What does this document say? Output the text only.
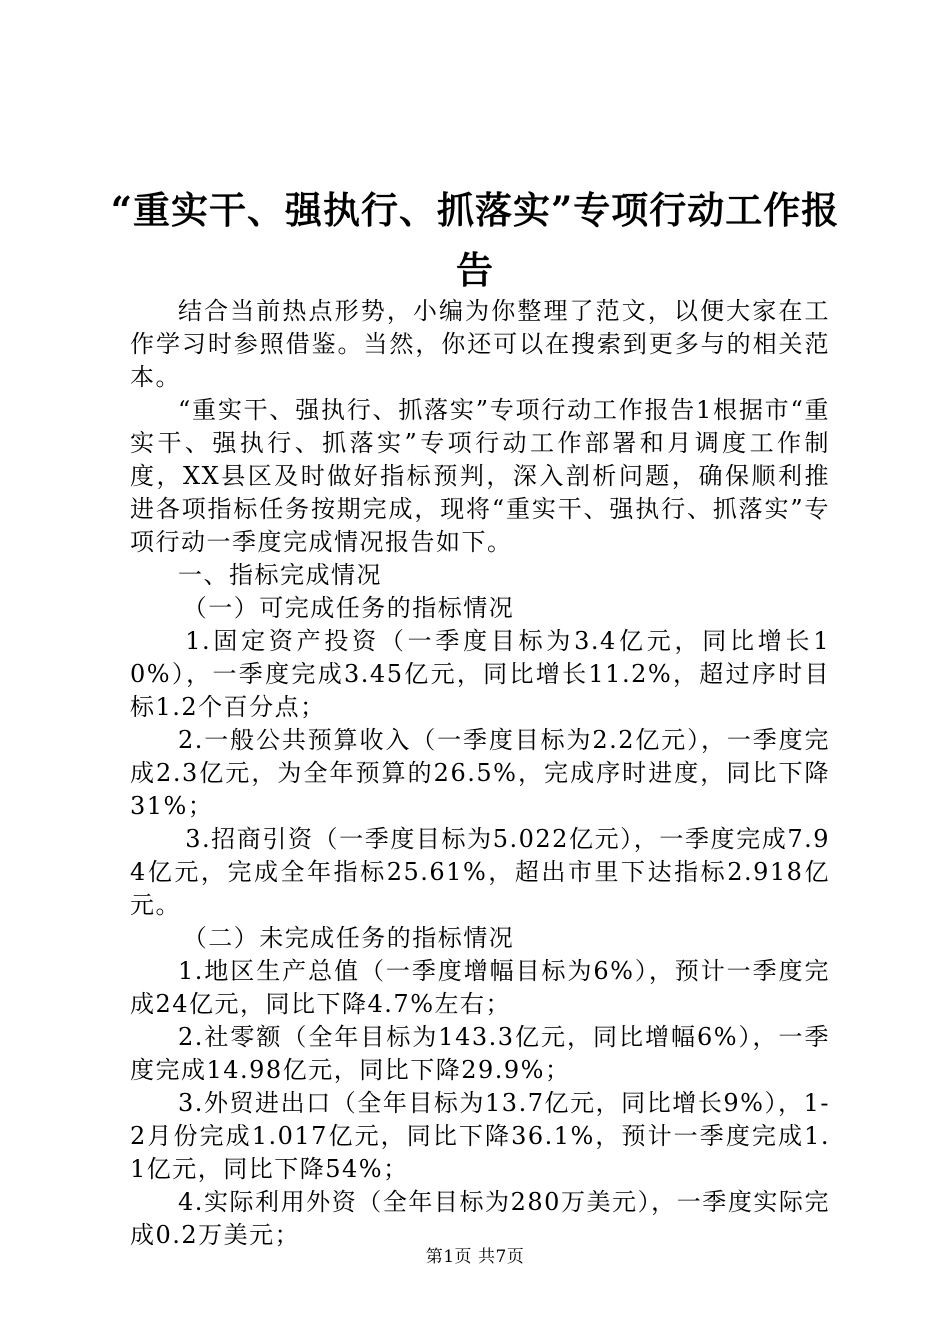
“重实干、强执行、抓落实”专项行动工作报
告

结合当前热点形势，小编为你整理了范文，以便大家在工作学习时参照借鉴。当然，你还可以在搜索到更多与的相关范本。

“重实干、强执行、抓落实”专项行动工作报告1根据市“重实干、强执行、抓落实”专项行动工作部署和月调度工作制度，XX县区及时做好指标预判，深入剖析问题，确保顺利推进各项指标任务按期完成，现将“重实干、强执行、抓落实”专项行动一季度完成情况报告如下。

一、指标完成情况

（一）可完成任务的指标情况

1.固定资产投资（一季度目标为3.4亿元，同比增长10%），一季度完成3.45亿元，同比增长11.2%，超过序时目标1.2个百分点；

2.一般公共预算收入（一季度目标为2.2亿元），一季度完成2.3亿元，为全年预算的26.5%，完成序时进度，同比下降31%；

3.招商引资（一季度目标为5.022亿元），一季度完成7.94亿元，完成全年指标25.61%，超出市里下达指标2.918亿元。

（二）未完成任务的指标情况

1.地区生产总值（一季度增幅目标为6%），预计一季度完成24亿元，同比下降4.7%左右；

2.社零额（全年目标为143.3亿元，同比增幅6%），一季度完成14.98亿元，同比下降29.9%；

3.外贸进出口（全年目标为13.7亿元，同比增长9%），1-2月份完成1.017亿元，同比下降36.1%，预计一季度完成1.1亿元，同比下降54%；

4.实际利用外资（全年目标为280万美元），一季度实际完成0.2万美元；

第1页 共7页
